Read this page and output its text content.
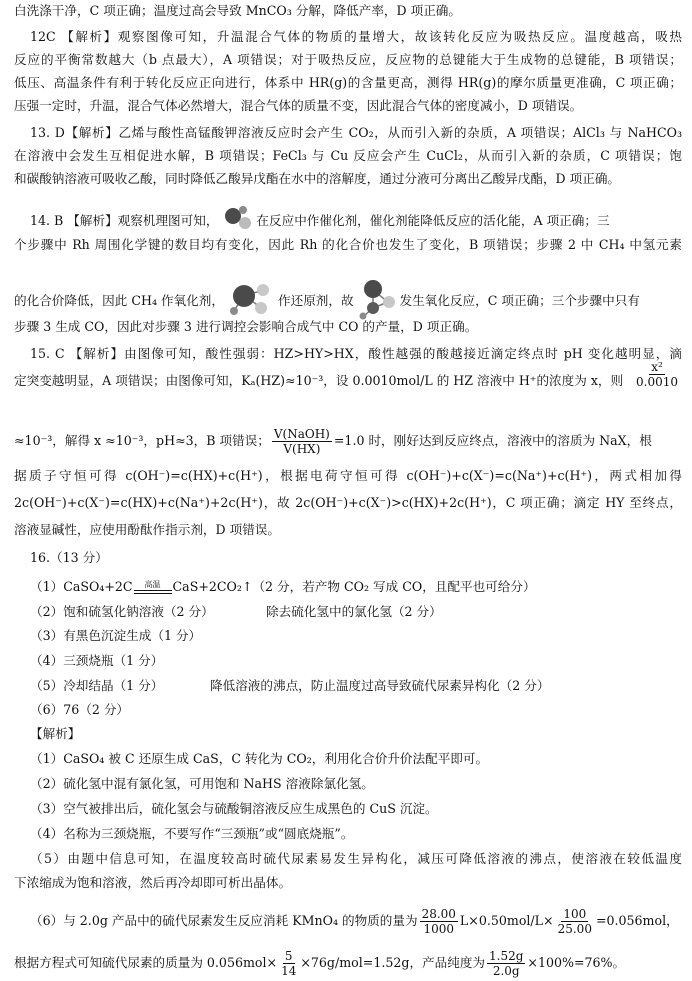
白洗涤干净，C 项正确；温度过高会导致 MnCO₃ 分解，降低产率，D 项正确。
12C 【解析】观察图像可知，升温混合气体的物质的量增大，故该转化反应为吸热反应。温度越高，吸热
反应的平衡常数越大（b 点最大），A 项错误；对于吸热反应，反应物的总键能大于生成物的总键能，B 项错误；
低压、高温条件有利于转化反应正向进行，体系中 HR(g)的含量更高，测得 HR(g)的摩尔质量更准确，C 项正确；
压强一定时，升温，混合气体必然增大，混合气体的质量不变，因此混合气体的密度减小，D 项错误。
13. D【解析】乙烯与酸性高锰酸钾溶液反应时会产生 CO₂，从而引入新的杂质，A 项错误；AlCl₃ 与 NaHCO₃
在溶液中会发生互相促进水解，B 项错误；FeCl₃ 与 Cu 反应会产生 CuCl₂，从而引入新的杂质，C 项错误；饱
和碳酸钠溶液可吸收乙酸，同时降低乙酸异戊酯在水中的溶解度，通过分液可分离出乙酸异戊酯，D 项正确。
14. B 【解析】观察机理图可知，	在反应中作催化剂，催化剂能降低反应的活化能，A 项正确；三
个步骤中 Rh 周围化学键的数目均有变化，因此 Rh 的化合价也发生了变化，B 项错误；步骤 2 中 CH₄ 中氢元素
的化合价降低，因此 CH₄ 作氧化剂，	作还原剂，故	发生氧化反应，C 项正确；三个步骤中只有
步骤 3 生成 CO，因此对步骤 3 进行调控会影响合成气中 CO 的产量，D 项正确。
15. C 【解析】由图像可知，酸性强弱：HZ>HY>HX，酸性越强的酸越接近滴定终点时 pH 变化越明显，滴
定突变越明显，A 项错误；由图像可知，Kₐ(HZ)≈10⁻³，设 0.0010mol/L 的 HZ 溶液中 H⁺的浓度为 x，则 $\frac{\text{x²}}{0.0010}$
≈10⁻³，解得 x ≈10⁻³，pH≈3，B 项错误； $\frac{\text{V(NaOH)}}{V(HX)} =1.0$ 时，刚好达到反应终点，溶液中的溶质为 NaX，根
据质子守恒可得 c(OH⁻)=c(HX)+c(H⁺)，根据电荷守恒可得 c(OH⁻)+c(X⁻)=c(Na⁺)+c(H⁺)，两式相加得
2c(OH⁻)+c(X⁻)=c(HX)+c(Na⁺)+2c(H⁺)，故 2c(OH⁻)+c(X⁻)>c(HX)+2c(H⁺)，C 项正确；滴定 HY 至终点，
溶液显碱性，应使用酚酞作指示剂，D 项错误。
16.（13 分）
（1）CaSO₄+2C 高温 CaS+2CO₂↑（2 分，若产物 CO₂ 写成 CO，且配平也可给分）
（2）饱和硫氢化钠溶液（2 分）	除去硫化氢中的氯化氢（2 分）
（3）有黑色沉淀生成（1 分）
（4）三颈烧瓶（1 分）
（5）冷却结晶（1 分）	降低溶液的沸点，防止温度过高导致硫代尿素异构化（2 分）
（6）76（2 分）
【解析】
（1）CaSO₄ 被 C 还原生成 CaS，C 转化为 CO₂，利用化合价升价法配平即可。
（2）硫化氢中混有氯化氢，可用饱和 NaHS 溶液除氯化氢。
（3）空气被排出后，硫化氢会与硫酸铜溶液反应生成黑色的 CuS 沉淀。
（4）名称为三颈烧瓶，不要写作“三颈瓶”或“圆底烧瓶”。
（5）由题中信息可知，在温度较高时硫代尿素易发生异构化，减压可降低溶液的沸点，使溶液在较低温度
下浓缩成为饱和溶液，然后再冷却即可析出晶体。
（6）与 2.0g 产品中的硫代尿素发生反应消耗 KMnO₄ 的物质的量为 $\frac{28.00}{1000} L\times 0.50mol/L\times \frac{100}{25.00} =0.056mol$，
根据方程式可知硫代尿素的质量为 $0.056mol\times \frac{5}{14} \times 76g/mol=1.52g$，产品纯度为 $\frac{1.52g}{2.0g} \times 100\%=76\%$。
